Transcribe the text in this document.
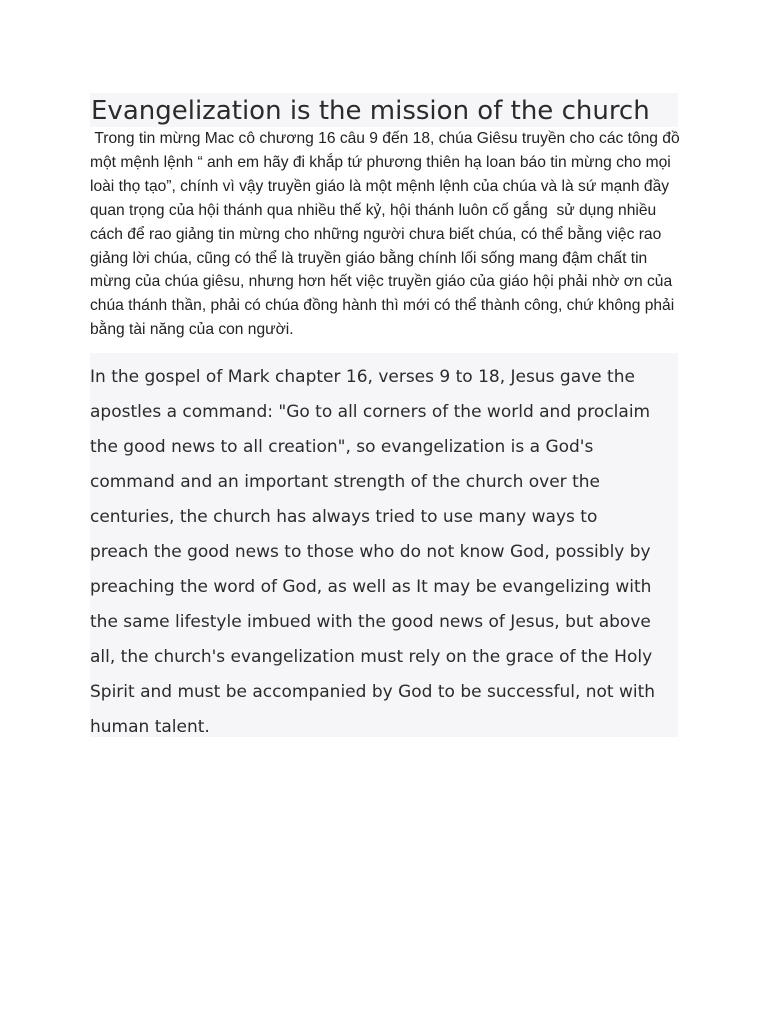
Evangelization is the mission of the church

Trong tin mừng Mac cô chương 16 câu 9 đến 18, chúa Giêsu truyền cho các tông đồ một mệnh lệnh “ anh em hãy đi khắp tứ phương thiên hạ loan báo tin mừng cho mọi loài thọ tạo”, chính vì vậy truyền giáo là một mệnh lệnh của chúa và là sứ mạnh đầy quan trọng của hội thánh qua nhiều thế kỷ, hội thánh luôn cố gắng  sử dụng nhiều cách để rao giảng tin mừng cho những người chưa biết chúa, có thể bằng việc rao giảng lời chúa, cũng có thể là truyền giáo bằng chính lối sống mang đậm chất tin mừng của chúa giêsu, nhưng hơn hết việc truyền giáo của giáo hội phải nhờ ơn của chúa thánh thần, phải có chúa đồng hành thì mới có thể thành công, chứ không phải bằng tài năng của con người.

In the gospel of Mark chapter 16, verses 9 to 18, Jesus gave the
apostles a command: "Go to all corners of the world and proclaim
the good news to all creation", so evangelization is a God's
command and an important strength of the church over the
centuries, the church has always tried to use many ways to
preach the good news to those who do not know God, possibly by
preaching the word of God, as well as It may be evangelizing with
the same lifestyle imbued with the good news of Jesus, but above
all, the church's evangelization must rely on the grace of the Holy
Spirit and must be accompanied by God to be successful, not with
human talent.
